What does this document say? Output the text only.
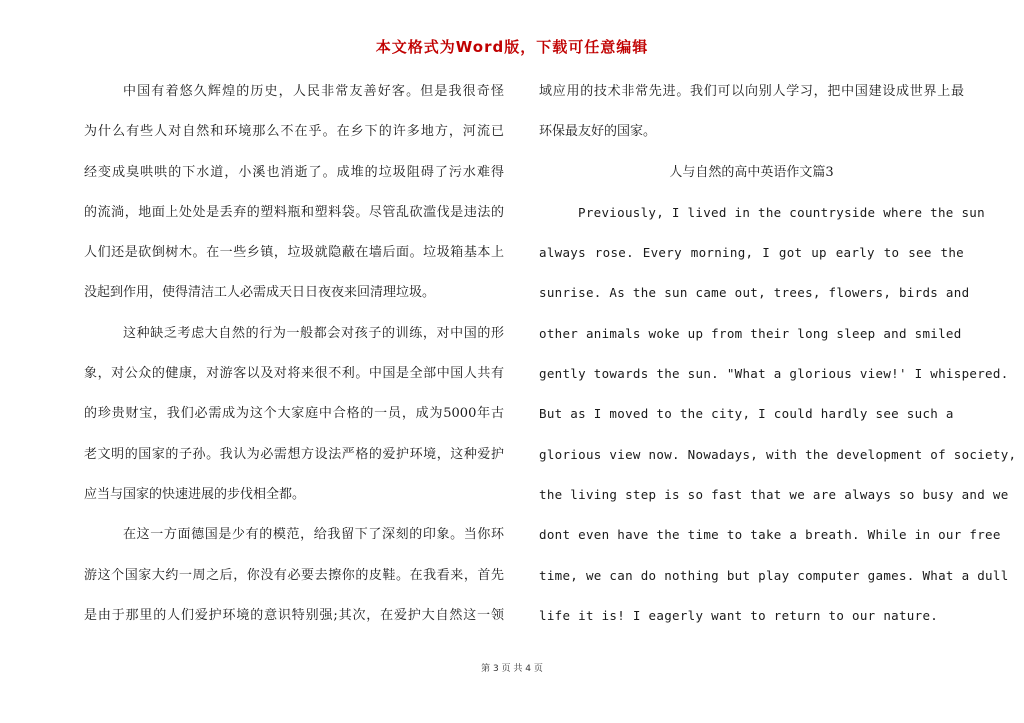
本文格式为Word版，下载可任意编辑
中国有着悠久辉煌的历史，人民非常友善好客。但是我很奇怪
为什么有些人对自然和环境那么不在乎。在乡下的许多地方，河流已
经变成臭哄哄的下水道，小溪也消逝了。成堆的垃圾阻碍了污水难得
的流淌，地面上处处是丢弃的塑料瓶和塑料袋。尽管乱砍滥伐是违法的
人们还是砍倒树木。在一些乡镇，垃圾就隐蔽在墙后面。垃圾箱基本上
没起到作用，使得清洁工人必需成天日日夜夜来回清理垃圾。
这种缺乏考虑大自然的行为一般都会对孩子的训练，对中国的形
象，对公众的健康，对游客以及对将来很不利。中国是全部中国人共有
的珍贵财宝，我们必需成为这个大家庭中合格的一员，成为5000年古
老文明的国家的子孙。我认为必需想方设法严格的爱护环境，这种爱护
应当与国家的快速进展的步伐相全都。
在这一方面德国是少有的模范，给我留下了深刻的印象。当你环
游这个国家大约一周之后，你没有必要去擦你的皮鞋。在我看来，首先
是由于那里的人们爱护环境的意识特别强;其次，在爱护大自然这一领
域应用的技术非常先进。我们可以向别人学习，把中国建设成世界上最
环保最友好的国家。
人与自然的高中英语作文篇3
Previously, I lived in the countryside where the sun
always rose. Every morning, I got up early to see the
sunrise. As the sun came out, trees, flowers, birds and
other animals woke up from their long sleep and smiled
gently towards the sun. "What a glorious view!' I whispered.
But as I moved to the city, I could hardly see such a
glorious view now. Nowadays, with the development of society,
the living step is so fast that we are always so busy and we
dont even have the time to take a breath. While in our free
time, we can do nothing but play computer games. What a dull
life it is! I eagerly want to return to our nature.
第 3 页 共 4 页
